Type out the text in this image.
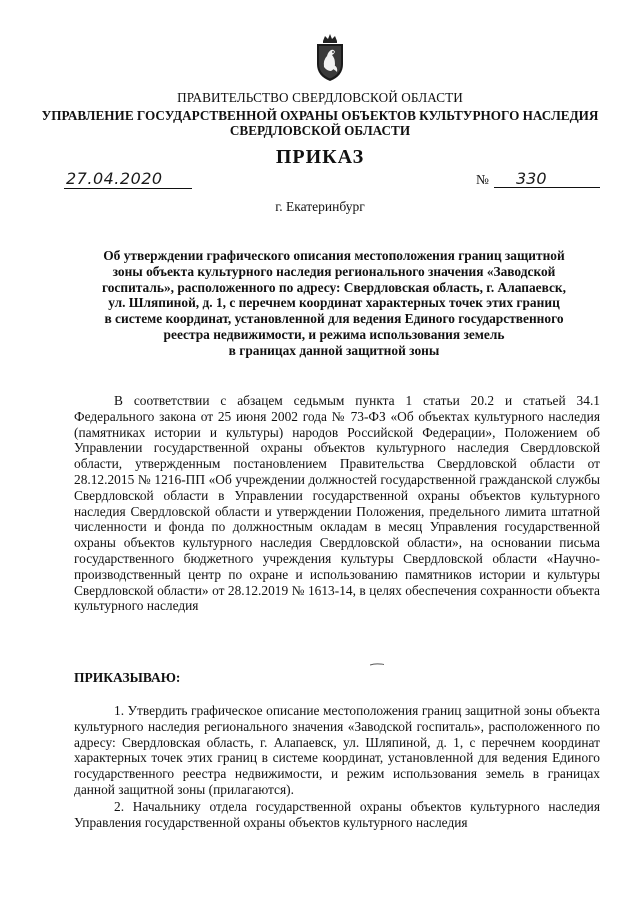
ПРАВИТЕЛЬСТВО СВЕРДЛОВСКОЙ ОБЛАСТИ
УПРАВЛЕНИЕ ГОСУДАРСТВЕННОЙ ОХРАНЫ ОБЪЕКТОВ КУЛЬТУРНОГО НАСЛЕДИЯ
СВЕРДЛОВСКОЙ ОБЛАСТИ
ПРИКАЗ
27.04.2020	№	330
г. Екатеринбург
Об утверждении графического описания местоположения границ защитной
зоны объекта культурного наследия регионального значения «Заводской
госпиталь», расположенного по адресу: Свердловская область, г. Алапаевск,
ул. Шляпиной, д. 1, с перечнем координат характерных точек этих границ
в системе координат, установленной для ведения Единого государственного
реестра недвижимости, и режима использования земель
в границах данной защитной зоны
В соответствии с абзацем седьмым пункта 1 статьи 20.2 и статьей 34.1 Федерального закона от 25 июня 2002 года № 73-ФЗ «Об объектах культурного наследия (памятниках истории и культуры) народов Российской Федерации», Положением об Управлении государственной охраны объектов культурного наследия Свердловской области, утвержденным постановлением Правительства Свердловской области от 28.12.2015 № 1216-ПП «Об учреждении должностей государственной гражданской службы Свердловской области в Управлении государственной охраны объектов культурного наследия Свердловской области и утверждении Положения, предельного лимита штатной численности и фонда по должностным окладам в месяц Управления государственной охраны объектов культурного наследия Свердловской области», на основании письма государственного бюджетного учреждения культуры Свердловской области «Научно-производственный центр по охране и использованию памятников истории и культуры Свердловской области» от 28.12.2019 № 1613-14, в целях обеспечения сохранности объекта культурного наследия
ПРИКАЗЫВАЮ:
1. Утвердить графическое описание местоположения границ защитной зоны объекта культурного наследия регионального значения «Заводской госпиталь», расположенного по адресу: Свердловская область, г. Алапаевск, ул. Шляпиной, д. 1, с перечнем координат характерных точек этих границ в системе координат, установленной для ведения Единого государственного реестра недвижимости, и режим использования земель в границах данной защитной зоны (прилагаются).
2. Начальнику отдела государственной охраны объектов культурного наследия Управления государственной охраны объектов культурного наследия
